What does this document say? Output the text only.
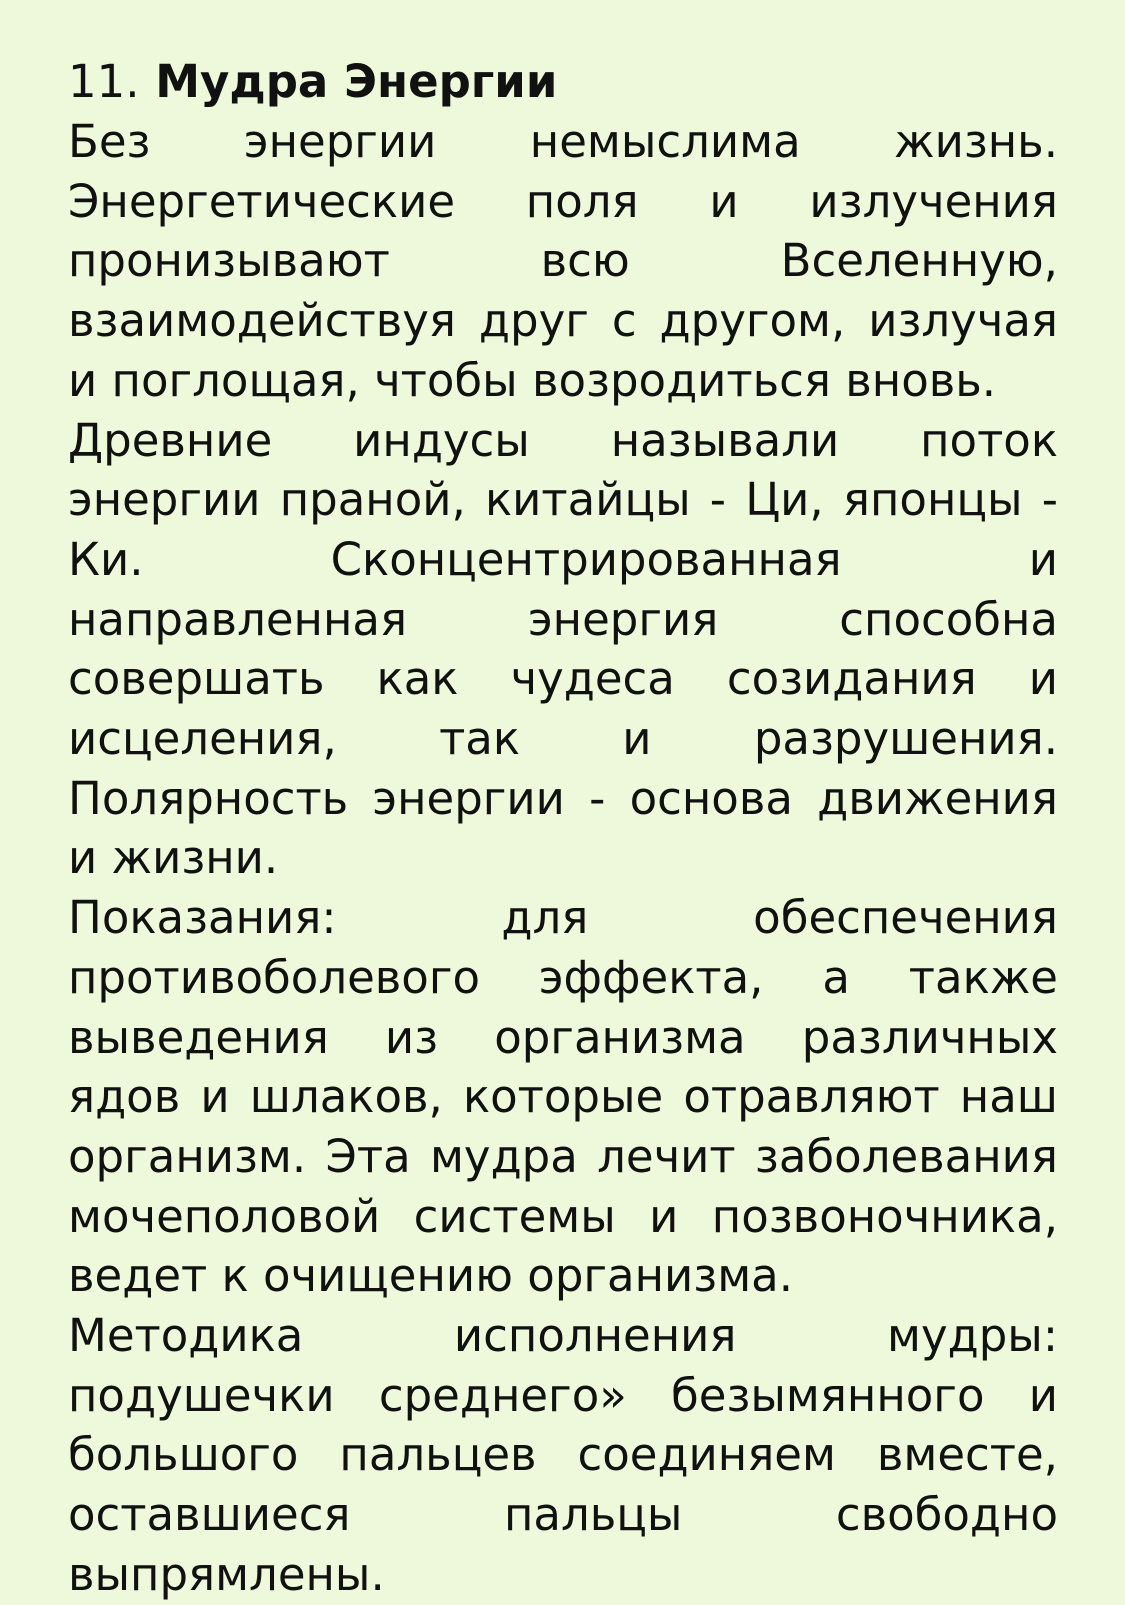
11. Мудра Энергии

Без энергии немыслима жизнь. Энергетические поля и излучения пронизывают всю Вселенную, взаимодействуя друг с другом, излучая и поглощая, чтобы возродиться вновь.

Древние индусы называли поток энергии праной, китайцы - Ци, японцы - Ки. Сконцентрированная и направленная энергия способна совершать как чудеса созидания и исцеления, так и разрушения. Полярность энергии - основа движения и жизни.

Показания: для обеспечения противоболевого эффекта, а также выведения из организма различных ядов и шлаков, которые отравляют наш организм. Эта мудра лечит заболевания мочеполовой системы и позвоночника, ведет к очищению организма.

Методика исполнения мудры: подушечки среднего» безымянного и большого пальцев соединяем вместе, оставшиеся пальцы свободно выпрямлены.
